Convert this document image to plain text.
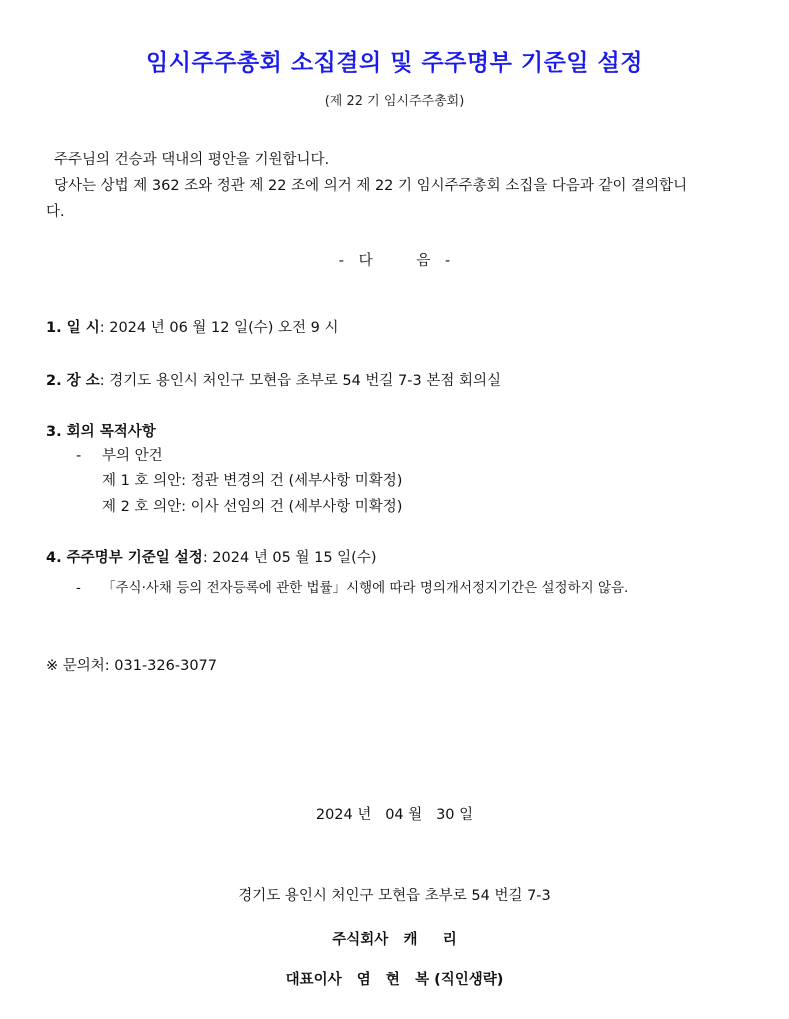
임시주주총회 소집결의 및 주주명부 기준일 설정
(제 22 기 임시주주총회)
주주님의 건승과 댁내의 평안을 기원합니다.
당사는 상법 제 362 조와 정관 제 22 조에 의거 제 22 기 임시주주총회 소집을 다음과 같이 결의합니
다.
- 다   음 -
1. 일 시: 2024 년 06 월 12 일(수) 오전 9 시
2. 장 소: 경기도 용인시 처인구 모현읍 초부로 54 번길 7-3 본점 회의실
3. 회의 목적사항
- 부의 안건
제 1 호 의안: 정관 변경의 건 (세부사항 미확정)
제 2 호 의안: 이사 선임의 건 (세부사항 미확정)
4. 주주명부 기준일 설정: 2024 년 05 월 15 일(수)
- 「주식·사채 등의 전자등록에 관한 법률」시행에 따라 명의개서정지기간은 설정하지 않음.
※ 문의처: 031-326-3077
2024 년   04 월   30 일
경기도 용인시 처인구 모현읍 초부로 54 번길 7-3
주식회사   캐     리
대표이사   염   현   복 (직인생략)
